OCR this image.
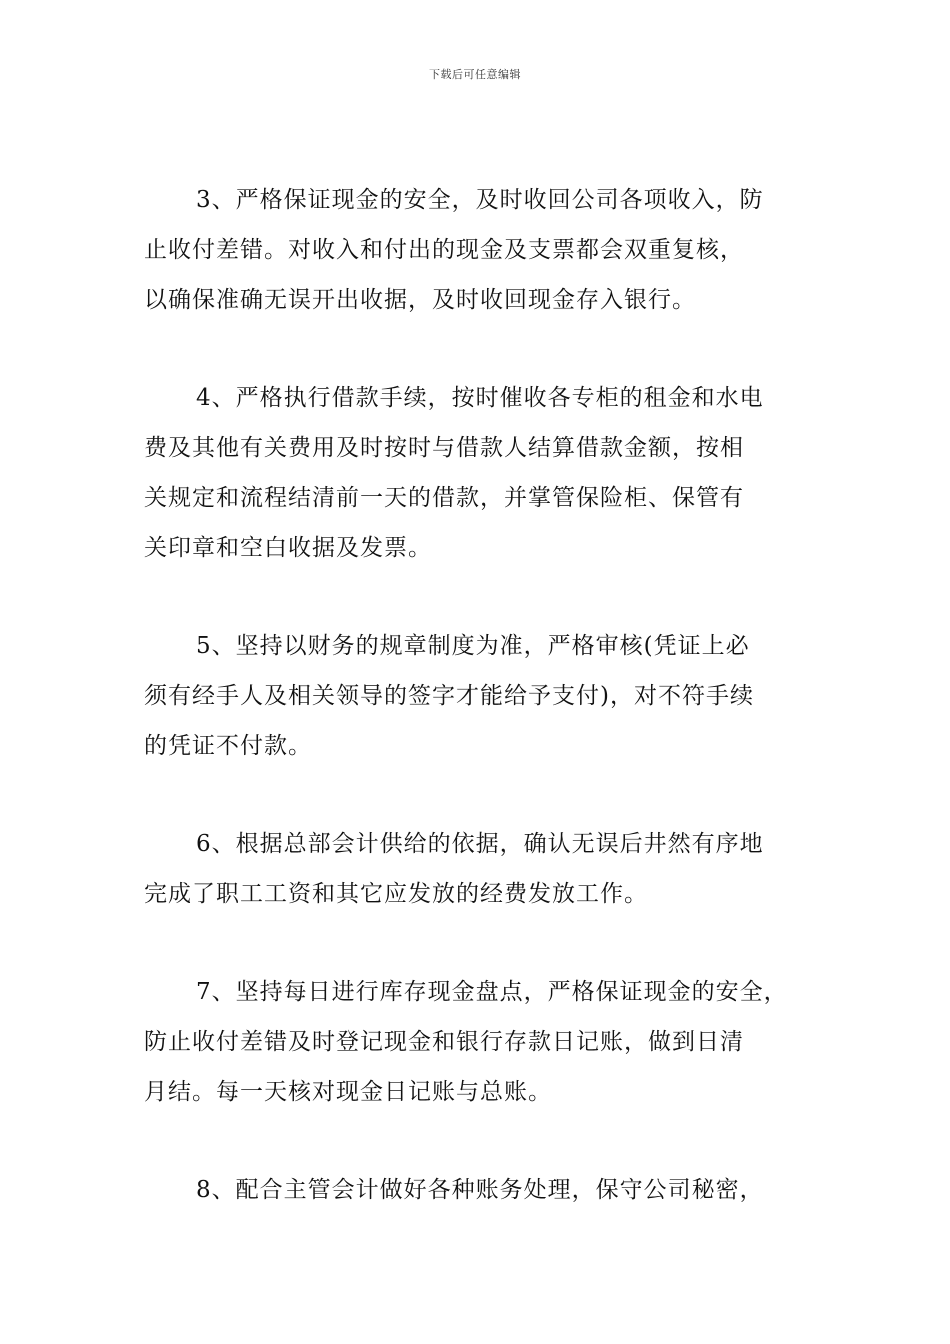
下载后可任意编辑

3、严格保证现金的安全，及时收回公司各项收入，防
止收付差错。对收入和付出的现金及支票都会双重复核，
以确保准确无误开出收据，及时收回现金存入银行。

4、严格执行借款手续，按时催收各专柜的租金和水电
费及其他有关费用及时按时与借款人结算借款金额，按相
关规定和流程结清前一天的借款，并掌管保险柜、保管有
关印章和空白收据及发票。

5、坚持以财务的规章制度为准，严格审核(凭证上必
须有经手人及相关领导的签字才能给予支付)，对不符手续
的凭证不付款。

6、根据总部会计供给的依据，确认无误后井然有序地
完成了职工工资和其它应发放的经费发放工作。

7、坚持每日进行库存现金盘点，严格保证现金的安全，
防止收付差错及时登记现金和银行存款日记账，做到日清
月结。每一天核对现金日记账与总账。

8、配合主管会计做好各种账务处理，保守公司秘密，
